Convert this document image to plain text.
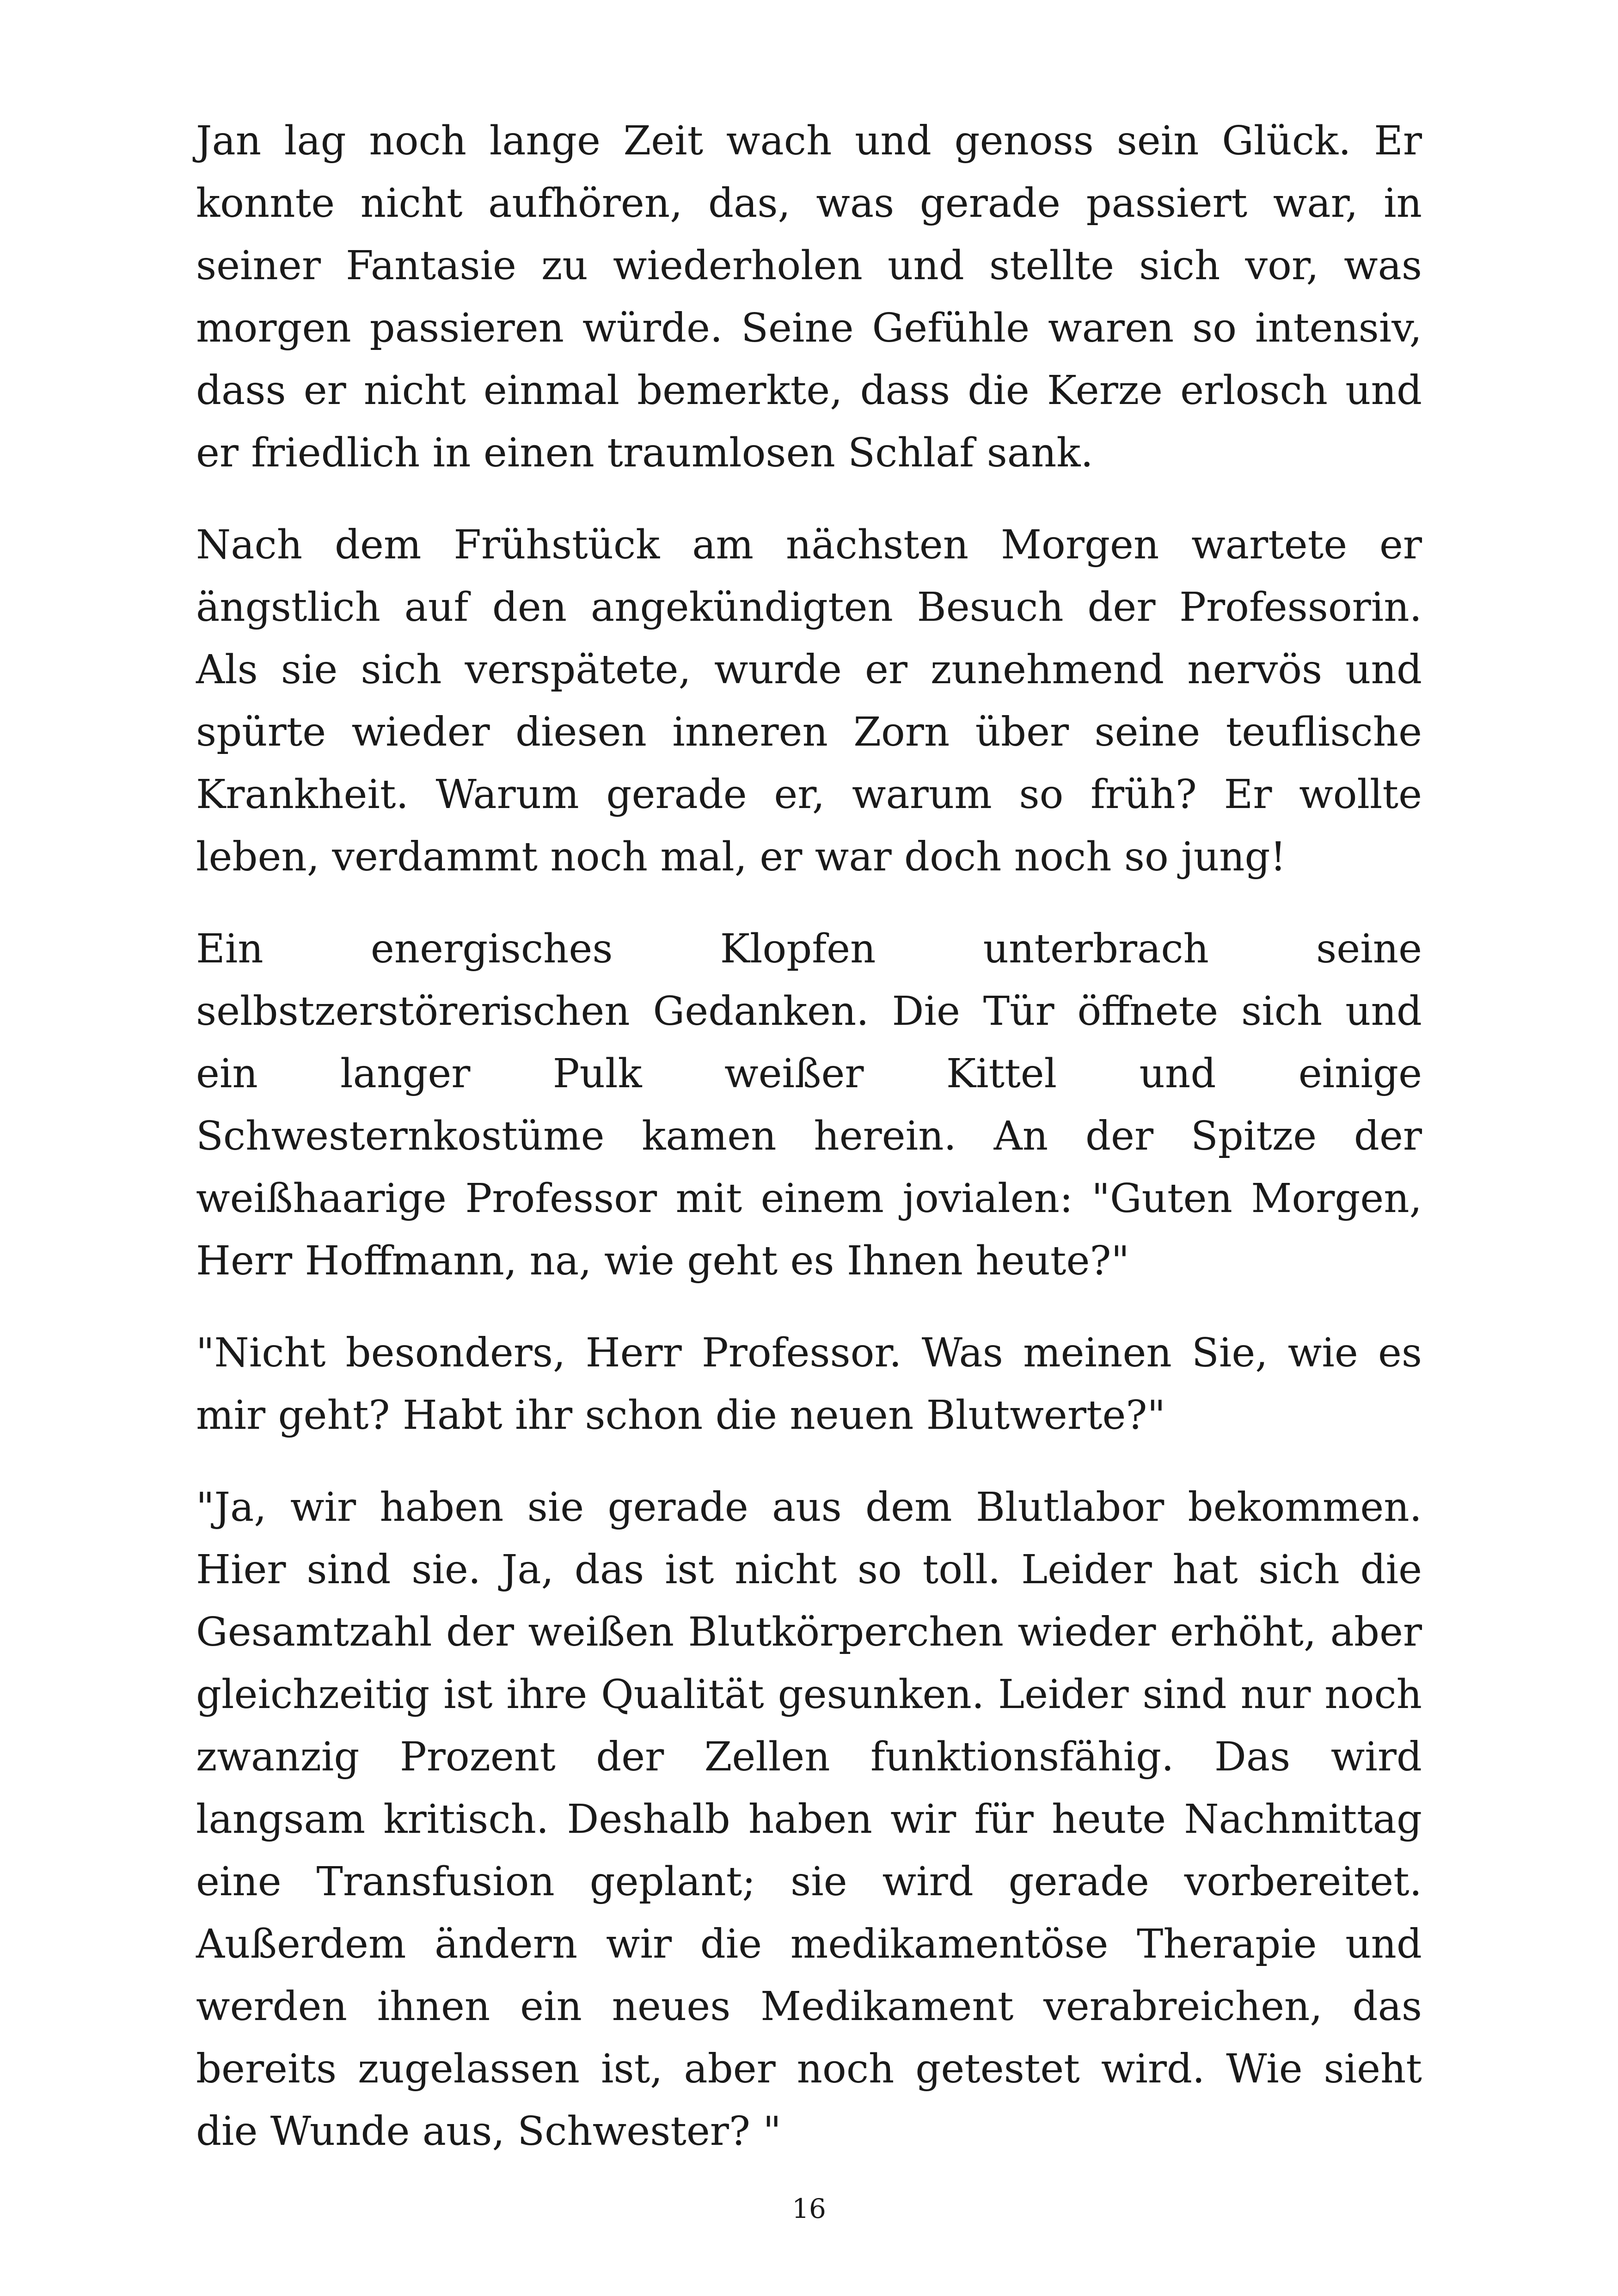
Jan lag noch lange Zeit wach und genoss sein Glück. Er konnte nicht aufhören, das, was gerade passiert war, in seiner Fantasie zu wiederholen und stellte sich vor, was morgen passieren würde. Seine Gefühle waren so intensiv, dass er nicht einmal bemerkte, dass die Kerze erlosch und er friedlich in einen traumlosen Schlaf sank.

Nach dem Frühstück am nächsten Morgen wartete er ängstlich auf den angekündigten Besuch der Professorin. Als sie sich verspätete, wurde er zunehmend nervös und spürte wieder diesen inneren Zorn über seine teuflische Krankheit. Warum gerade er, warum so früh? Er wollte leben, verdammt noch mal, er war doch noch so jung!

Ein energisches Klopfen unterbrach seine selbstzerstörerischen Gedanken. Die Tür öffnete sich und ein langer Pulk weißer Kittel und einige Schwesternkostüme kamen herein. An der Spitze der weißhaarige Professor mit einem jovialen: "Guten Morgen, Herr Hoffmann, na, wie geht es Ihnen heute?"

"Nicht besonders, Herr Professor. Was meinen Sie, wie es mir geht? Habt ihr schon die neuen Blutwerte?"

"Ja, wir haben sie gerade aus dem Blutlabor bekommen. Hier sind sie. Ja, das ist nicht so toll. Leider hat sich die Gesamtzahl der weißen Blutkörperchen wieder erhöht, aber gleichzeitig ist ihre Qualität gesunken. Leider sind nur noch zwanzig Prozent der Zellen funktionsfähig. Das wird langsam kritisch. Deshalb haben wir für heute Nachmittag eine Transfusion geplant; sie wird gerade vorbereitet. Außerdem ändern wir die medikamentöse Therapie und werden ihnen ein neues Medikament verabreichen, das bereits zugelassen ist, aber noch getestet wird. Wie sieht die Wunde aus, Schwester? "

16
